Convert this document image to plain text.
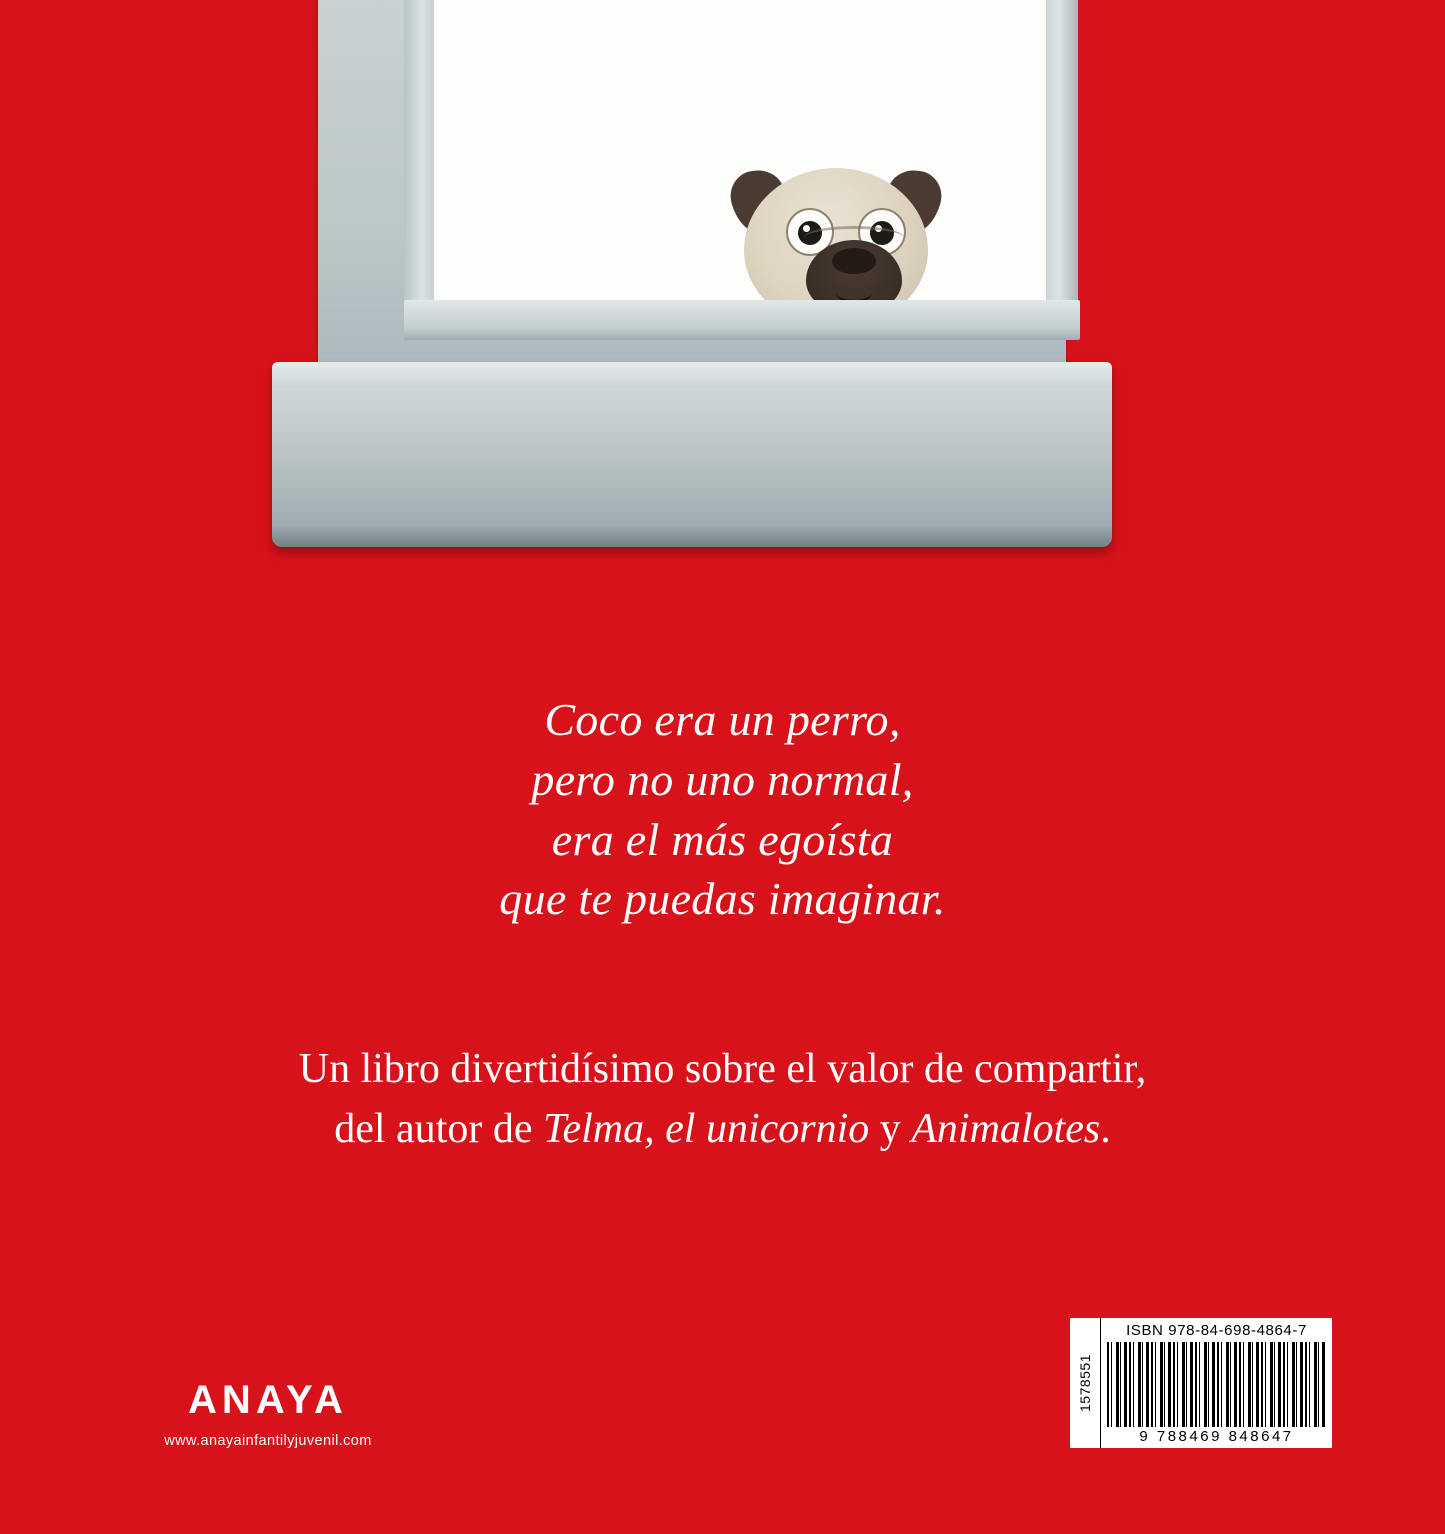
Coco era un perro,
pero no uno normal,
era el más egoísta
que te puedas imaginar.
Un libro divertidísimo sobre el valor de compartir,
del autor de Telma, el unicornio y Animalotes.
ANAYA
www.anayainfantilyjuvenil.com
1578551
ISBN 978-84-698-4864-7
9 788469 848647
